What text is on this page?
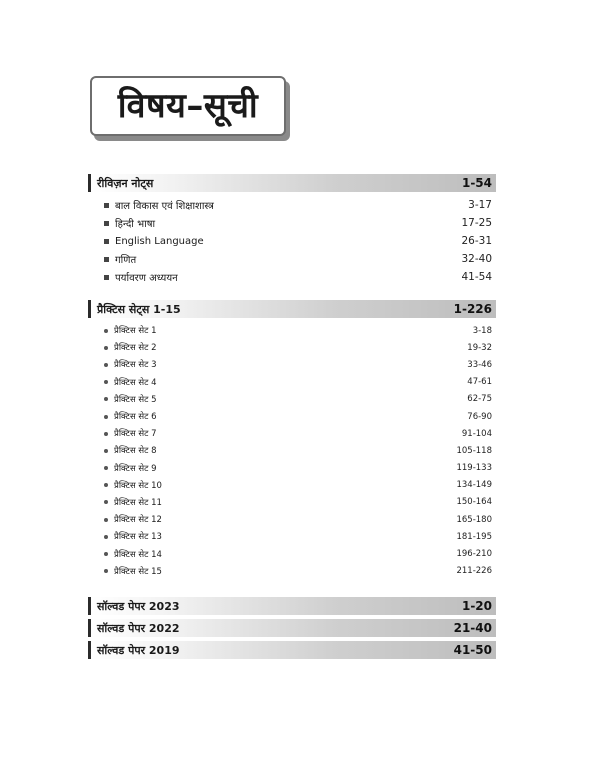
विषय–सूची
रीविज़न नोट्स	1-54
बाल विकास एवं शिक्षाशास्त्र	3-17
हिन्दी भाषा	17-25
English Language	26-31
गणित	32-40
पर्यावरण अध्ययन	41-54
प्रैक्टिस सेट्स 1-15	1-226
प्रैक्टिस सेट 1	3-18
प्रैक्टिस सेट 2	19-32
प्रैक्टिस सेट 3	33-46
प्रैक्टिस सेट 4	47-61
प्रैक्टिस सेट 5	62-75
प्रैक्टिस सेट 6	76-90
प्रैक्टिस सेट 7	91-104
प्रैक्टिस सेट 8	105-118
प्रैक्टिस सेट 9	119-133
प्रैक्टिस सेट 10	134-149
प्रैक्टिस सेट 11	150-164
प्रैक्टिस सेट 12	165-180
प्रैक्टिस सेट 13	181-195
प्रैक्टिस सेट 14	196-210
प्रैक्टिस सेट 15	211-226
सॉल्वड पेपर 2023	1-20
सॉल्वड पेपर 2022	21-40
सॉल्वड पेपर 2019	41-50
